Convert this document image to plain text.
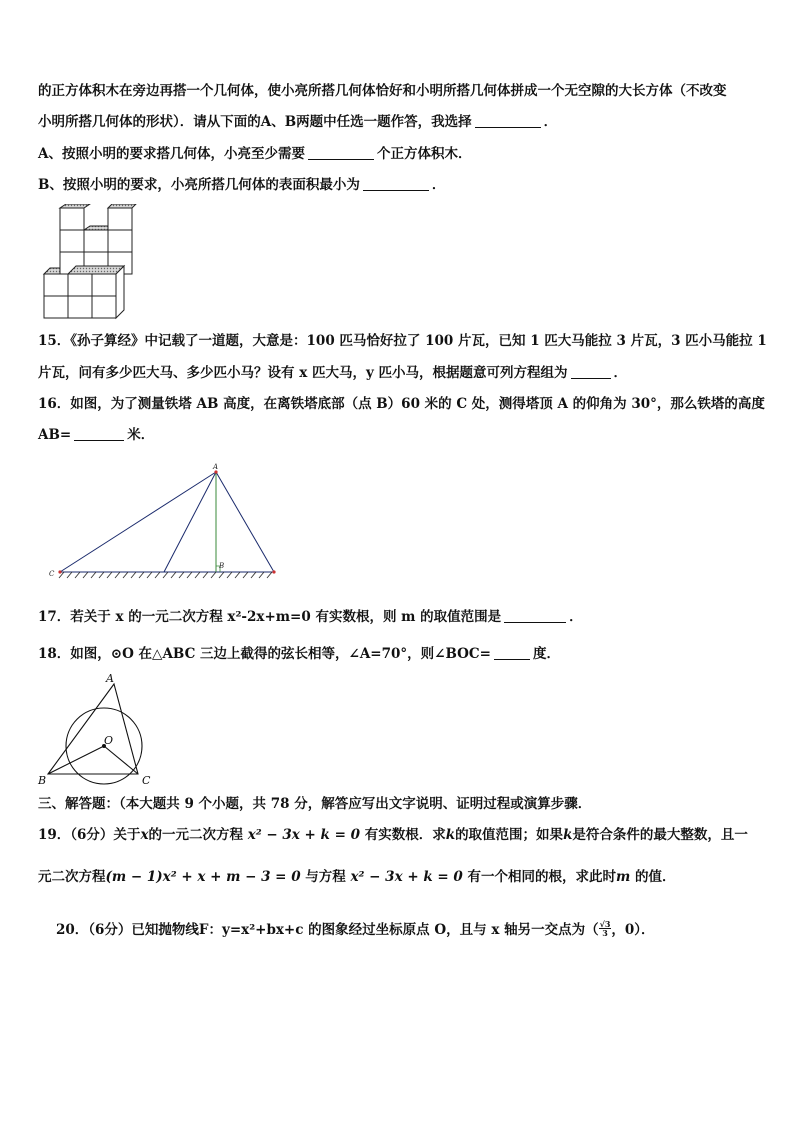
的正方体积木在旁边再搭一个几何体，使小亮所搭几何体恰好和小明所搭几何体拼成一个无空隙的大长方体（不改变
小明所搭几何体的形状）．请从下面的A、B两题中任选一题作答，我选择	．
A、按照小明的要求搭几何体，小亮至少需要	个正方体积木．
B、按照小明的要求，小亮所搭几何体的表面积最小为	．
15．《孙子算经》中记载了一道题，大意是：100 匹马恰好拉了 100 片瓦，已知 1 匹大马能拉 3 片瓦，3 匹小马能拉 1
片瓦，问有多少匹大马、多少匹小马？设有 x 匹大马，y 匹小马，根据题意可列方程组为	．
16．如图，为了测量铁塔 AB 高度，在离铁塔底部（点 B）60 米的 C 处，测得塔顶 A 的仰角为 30°，那么铁塔的高度
AB=	米．
A
B
C
17．若关于 x 的一元二次方程 x²-2x+m=0 有实数根，则 m 的取值范围是	．
18．如图，⊙O 在△ABC 三边上截得的弦长相等，∠A=70°，则∠BOC=	度．
A
B	C
O
三、解答题：（本大题共 9 个小题，共 78 分，解答应写出文字说明、证明过程或演算步骤．
19．（6分）关于x的一元二次方程 x² − 3x + k = 0 有实数根．求k的取值范围；如果k是符合条件的最大整数，且一
元二次方程(m − 1)x² + x + m − 3 = 0 与方程 x² − 3x + k = 0 有一个相同的根，求此时m 的值．
20．（6分）已知抛物线F：y=x²+bx+c 的图象经过坐标原点 O，且与 x 轴另一交点为（ $\frac{√3}{3}$ ，0）．
